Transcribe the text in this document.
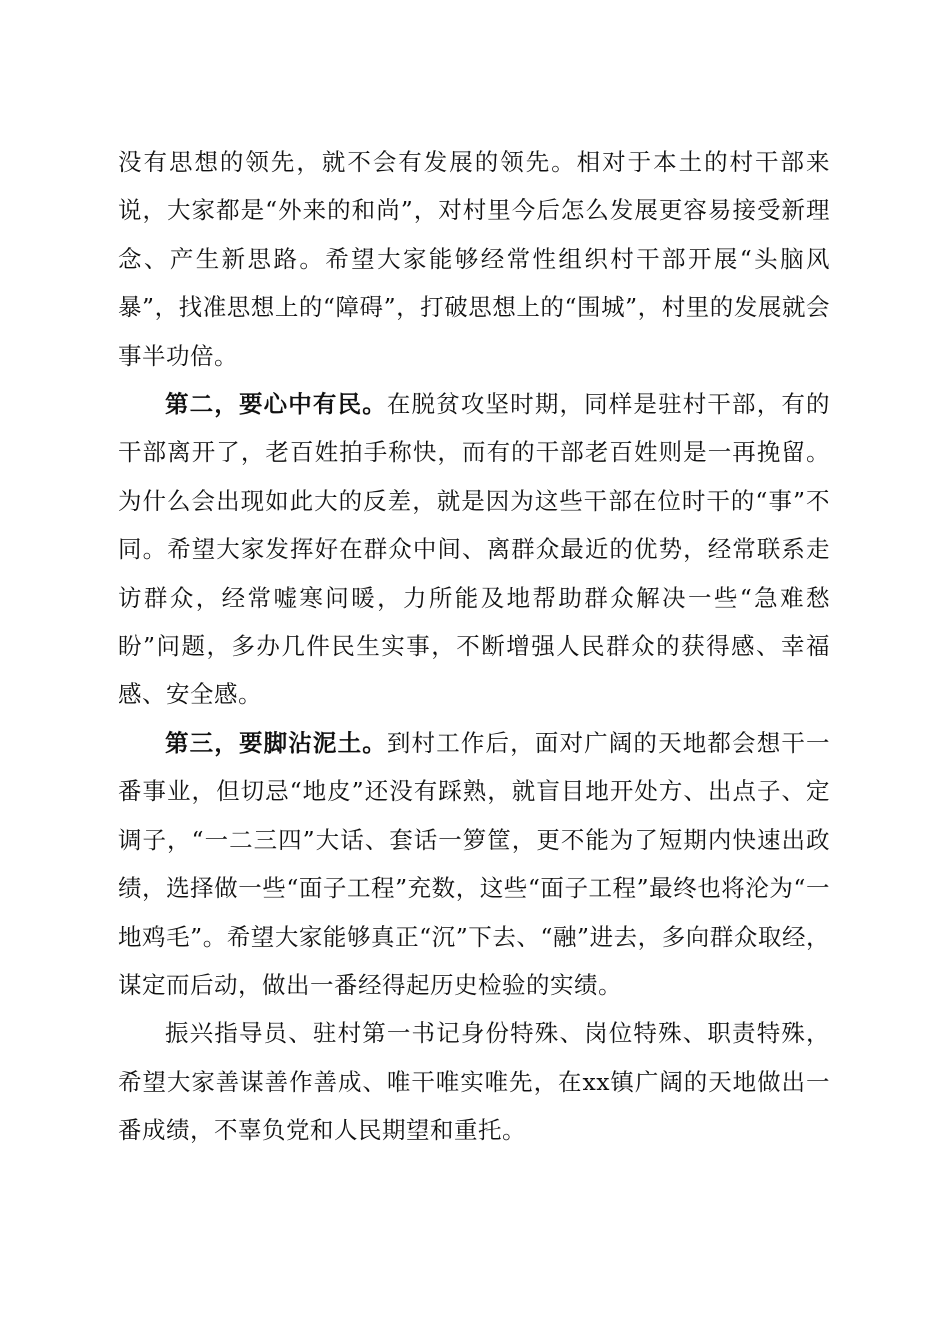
没有思想的领先，就不会有发展的领先。相对于本土的村干部来说，大家都是“外来的和尚”，对村里今后怎么发展更容易接受新理念、产生新思路。希望大家能够经常性组织村干部开展“头脑风暴”，找准思想上的“障碍”，打破思想上的“围城”，村里的发展就会事半功倍。

第二，要心中有民。在脱贫攻坚时期，同样是驻村干部，有的干部离开了，老百姓拍手称快，而有的干部老百姓则是一再挽留。为什么会出现如此大的反差，就是因为这些干部在位时干的“事”不同。希望大家发挥好在群众中间、离群众最近的优势，经常联系走访群众，经常嘘寒问暖，力所能及地帮助群众解决一些“急难愁盼”问题，多办几件民生实事，不断增强人民群众的获得感、幸福感、安全感。

第三，要脚沾泥土。到村工作后，面对广阔的天地都会想干一番事业，但切忌“地皮”还没有踩熟，就盲目地开处方、出点子、定调子，“一二三四”大话、套话一箩筐，更不能为了短期内快速出政绩，选择做一些“面子工程”充数，这些“面子工程”最终也将沦为“一地鸡毛”。希望大家能够真正“沉”下去、“融”进去，多向群众取经，谋定而后动，做出一番经得起历史检验的实绩。

振兴指导员、驻村第一书记身份特殊、岗位特殊、职责特殊，希望大家善谋善作善成、唯干唯实唯先，在xx镇广阔的天地做出一番成绩，不辜负党和人民期望和重托。
